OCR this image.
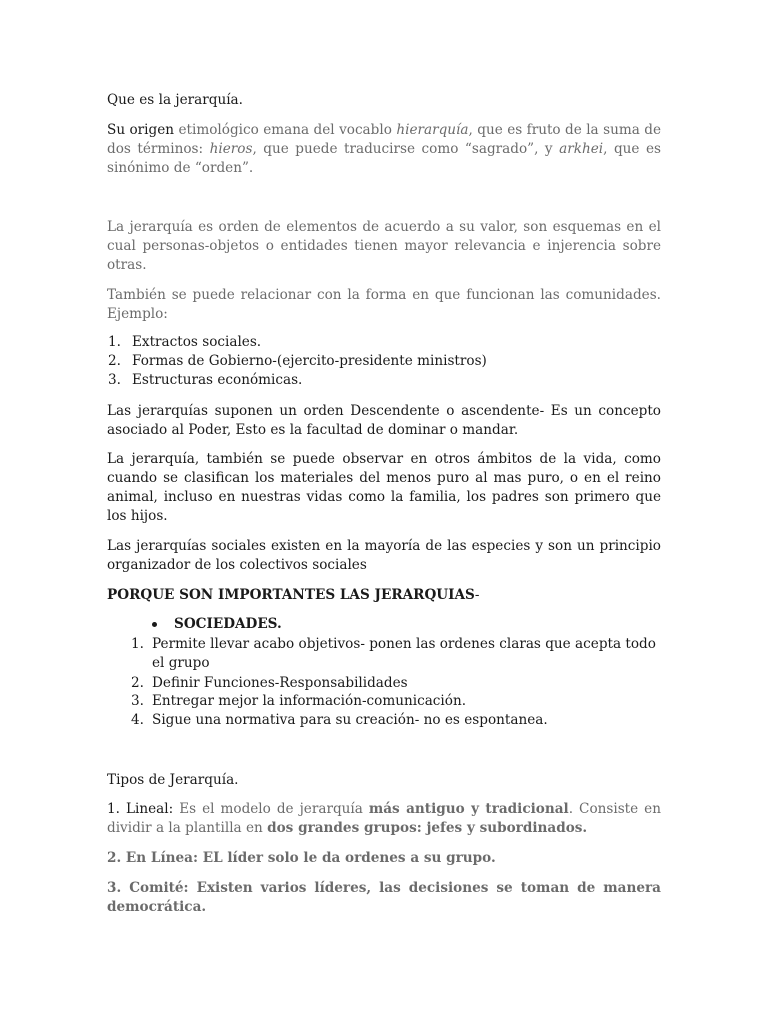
Que es la jerarquía.
Su origen etimológico emana del vocablo hierarquía, que es fruto de la suma de dos términos: hieros, que puede traducirse como “sagrado”, y arkhei, que es sinónimo de “orden”.
La jerarquía es orden de elementos de acuerdo a su valor, son esquemas en el cual personas-objetos o entidades tienen mayor relevancia e injerencia sobre otras.
También se puede relacionar con la forma en que funcionan las comunidades. Ejemplo:
1. Extractos sociales.
2. Formas de Gobierno-(ejercito-presidente ministros)
3. Estructuras económicas.
Las jerarquías suponen un orden Descendente o ascendente- Es un concepto asociado al Poder, Esto es la facultad de dominar o mandar.
La jerarquía, también se puede observar en otros ámbitos de la vida, como cuando se clasifican los materiales del menos puro al mas puro, o en el reino animal, incluso en nuestras vidas como la familia, los padres son primero que los hijos.
Las jerarquías sociales existen en la mayoría de las especies y son un principio organizador de los colectivos sociales
PORQUE SON IMPORTANTES LAS JERARQUIAS-
SOCIEDADES.
1. Permite llevar acabo objetivos- ponen las ordenes claras que acepta todo el grupo
2. Definir Funciones-Responsabilidades
3. Entregar mejor la información-comunicación.
4. Sigue una normativa para su creación- no es espontanea.
Tipos de Jerarquía.
1. Lineal: Es el modelo de jerarquía más antiguo y tradicional. Consiste en dividir a la plantilla en dos grandes grupos: jefes y subordinados.
2. En Línea: EL líder solo le da ordenes a su grupo.
3. Comité: Existen varios líderes, las decisiones se toman de manera democrática.
